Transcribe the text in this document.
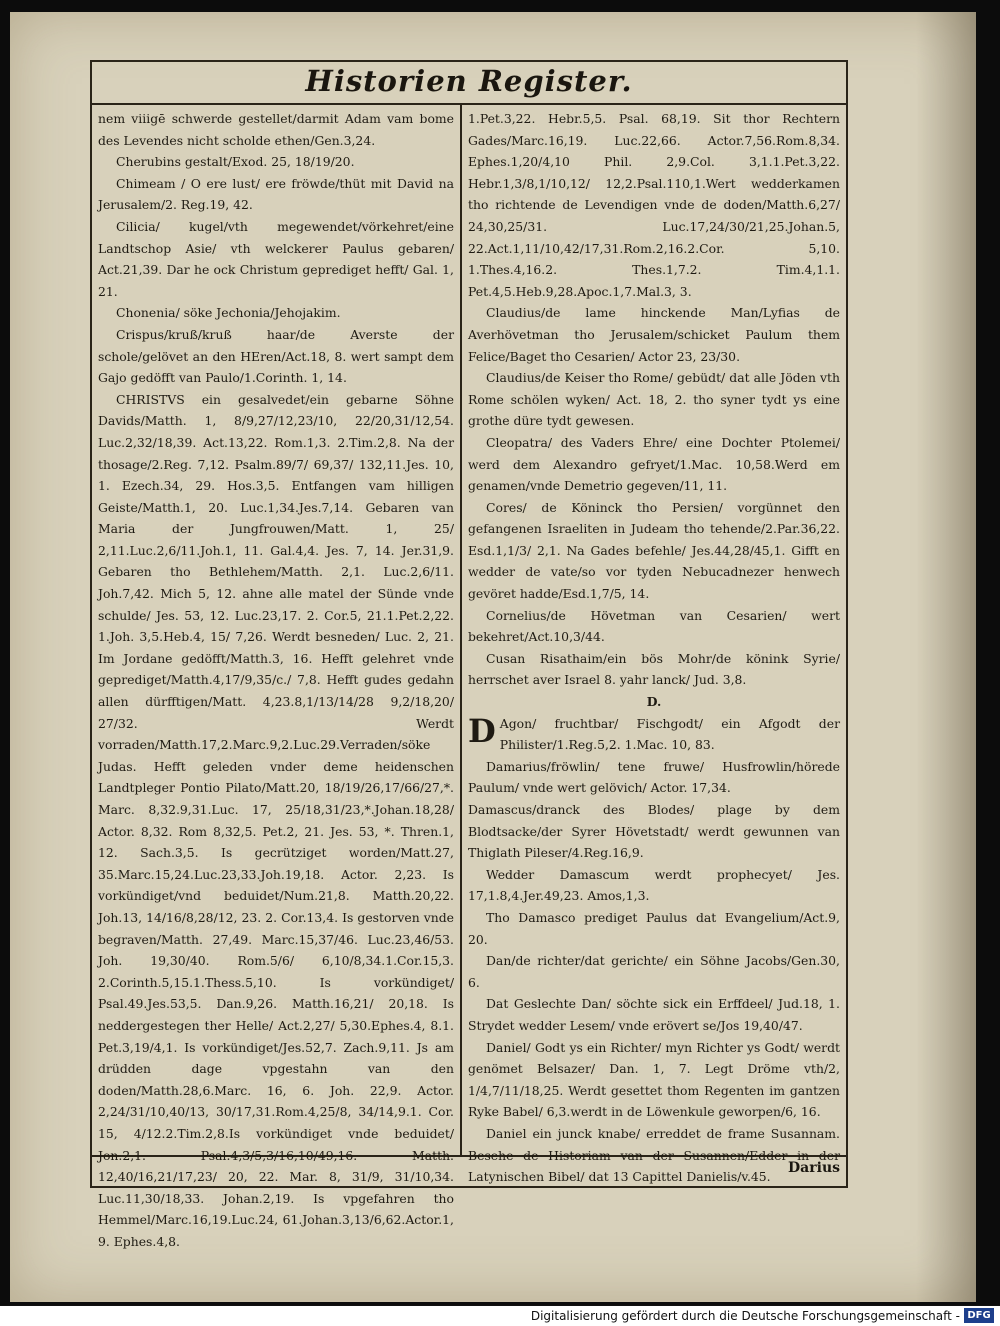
Historien Register.

nem viiigē schwerde gestellet/darmit Adam vam bome des Levendes nicht scholde ethen/Gen.3,24.

Cherubins gestalt/Exod. 25, 18/19/20.

Chimeam / O ere lust/ ere fröwde/thüt mit David na Jerusalem/2. Reg.19, 42.

Cilicia/ kugel/vth megewendet/vörkehret/eine Landtschop Asie/ vth welckerer Paulus gebaren/ Act.21,39. Dar he ock Christum geprediget hefft/ Gal. 1, 21.

Chonenia/ söke Jechonia/Jehojakim.

Crispus/kruß/kruß haar/de Averste der schole/gelövet an den HEren/Act.18, 8. wert sampt dem Gajo gedöfft van Paulo/1.Corinth. 1, 14.

CHRISTVS ein gesalvedet/ein gebarne Söhne Davids/Matth. 1, 8/9,27/12,23/10, 22/20,31/12,54. Luc.2,32/18,39. Act.13,22. Rom.1,3. 2.Tim.2,8. Na der thosage/2.Reg. 7,12. Psalm.89/7/ 69,37/ 132,11.Jes. 10, 1. Ezech.34, 29. Hos.3,5. Entfangen vam hilligen Geiste/Matth.1, 20. Luc.1,34.Jes.7,14. Gebaren van Maria der Jungfrouwen/Matt. 1, 25/ 2,11.Luc.2,6/11.Joh.1, 11. Gal.4,4. Jes. 7, 14. Jer.31,9. Gebaren tho Bethlehem/Matth. 2,1. Luc.2,6/11. Joh.7,42. Mich 5, 12. ahne alle matel der Sünde vnde schulde/ Jes. 53, 12. Luc.23,17. 2. Cor.5, 21.1.Pet.2,22. 1.Joh. 3,5.Heb.4, 15/ 7,26. Werdt besneden/ Luc. 2, 21. Im Jordane gedöfft/Matth.3, 16. Hefft gelehret vnde geprediget/Matth.4,17/9,35/c./ 7,8. Hefft gudes gedahn allen dürfftigen/Matt. 4,23.8,1/13/14/28 9,2/18,20/ 27/32. Werdt vorraden/Matth.17,2.Marc.9,2.Luc.29.Verraden/söke Judas. Hefft geleden vnder deme heidenschen Landtpleger Pontio Pilato/Matt.20, 18/19/26,17/66/27,*. Marc. 8,32.9,31.Luc. 17, 25/18,31/23,*.Johan.18,28/ Actor. 8,32. Rom 8,32,5. Pet.2, 21. Jes. 53, *. Thren.1, 12. Sach.3,5. Is gecrütziget worden/Matt.27, 35.Marc.15,24.Luc.23,33.Joh.19,18. Actor. 2,23. Is vorkündiget/vnd beduidet/Num.21,8. Matth.20,22. Joh.13, 14/16/8,28/12, 23. 2. Cor.13,4. Is gestorven vnde begraven/Matth. 27,49. Marc.15,37/46. Luc.23,46/53. Joh. 19,30/40. Rom.5/6/ 6,10/8,34.1.Cor.15,3. 2.Corinth.5,15.1.Thess.5,10. Is vorkündiget/ Psal.49.Jes.53,5. Dan.9,26. Matth.16,21/ 20,18. Is neddergestegen ther Helle/ Act.2,27/ 5,30.Ephes.4, 8.1. Pet.3,19/4,1. Is vorkündiget/Jes.52,7. Zach.9,11. Js am drüdden dage vpgestahn van den doden/Matth.28,6.Marc. 16, 6. Joh. 22,9. Actor. 2,24/31/10,40/13, 30/17,31.Rom.4,25/8, 34/14,9.1. Cor. 15, 4/12.2.Tim.2,8.Is vorkündiget vnde beduidet/ Jon.2,1. Psal.4,3/5,3/16,10/49,16. Matth. 12,40/16,21/17,23/ 20, 22. Mar. 8, 31/9, 31/10,34. Luc.11,30/18,33. Johan.2,19. Is vpgefahren tho Hemmel/Marc.16,19.Luc.24, 61.Johan.3,13/6,62.Actor.1, 9. Ephes.4,8.

1.Pet.3,22. Hebr.5,5. Psal. 68,19. Sit thor Rechtern Gades/Marc.16,19. Luc.22,66. Actor.7,56.Rom.8,34. Ephes.1,20/4,10 Phil. 2,9.Col. 3,1.1.Pet.3,22. Hebr.1,3/8,1/10,12/ 12,2.Psal.110,1.Wert wedderkamen tho richtende de Levendigen vnde de doden/Matth.6,27/ 24,30,25/31. Luc.17,24/30/21,25.Johan.5, 22.Act.1,11/10,42/17,31.Rom.2,16.2.Cor. 5,10. 1.Thes.4,16.2. Thes.1,7.2. Tim.4,1.1. Pet.4,5.Heb.9,28.Apoc.1,7.Mal.3, 3.

Claudius/de lame hinckende Man/Lyfias de Averhövetman tho Jerusalem/schicket Paulum them Felice/Baget tho Cesarien/ Actor 23, 23/30.

Claudius/de Keiser tho Rome/ gebüdt/ dat alle Jöden vth Rome schölen wyken/ Act. 18, 2. tho syner tydt ys eine grothe düre tydt gewesen.

Cleopatra/ des Vaders Ehre/ eine Dochter Ptolemei/ werd dem Alexandro gefryet/1.Mac. 10,58.Werd em genamen/vnde Demetrio gegeven/11, 11.

Cores/ de Köninck tho Persien/ vorgünnet den gefangenen Israeliten in Judeam tho tehende/2.Par.36,22. Esd.1,1/3/ 2,1. Na Gades befehle/ Jes.44,28/45,1. Gifft en wedder de vate/so vor tyden Nebucadnezer henwech gevöret hadde/Esd.1,7/5, 14.

Cornelius/de Hövetman van Cesarien/ wert bekehret/Act.10,3/44.

Cusan Risathaim/ein bös Mohr/de könink Syrie/ herrschet aver Israel 8. yahr lanck/ Jud. 3,8.

D.

D Agon/ fruchtbar/ Fischgodt/ ein Afgodt der Philister/1.Reg.5,2. 1.Mac. 10, 83.

Damarius/fröwlin/ tene fruwe/ Husfrowlin/hörede Paulum/ vnde wert gelövich/ Actor. 17,34.

Damascus/dranck des Blodes/ plage by dem Blodtsacke/der Syrer Hövetstadt/ werdt gewunnen van Thiglath Pileser/4.Reg.16,9.

Wedder Damascum werdt prophecyet/ Jes. 17,1.8,4.Jer.49,23. Amos,1,3.

Tho Damasco prediget Paulus dat Evangelium/Act.9, 20.

Dan/de richter/dat gerichte/ ein Söhne Jacobs/Gen.30, 6.

Dat Geslechte Dan/ söchte sick ein Erffdeel/ Jud.18, 1. Strydet wedder Lesem/ vnde erövert se/Jos 19,40/47.

Daniel/ Godt ys ein Richter/ myn Richter ys Godt/ werdt genömet Belsazer/ Dan. 1, 7. Legt Dröme vth/2, 1/4,7/11/18,25. Werdt gesettet thom Regenten im gantzen Ryke Babel/ 6,3.werdt in de Löwenkule geworpen/6, 16.

Daniel ein junck knabe/ erreddet de frame Susannam. Besehe de Historiam van der Susannen/Edder in der Latynischen Bibel/ dat 13 Capittel Danielis/v.45.

Darius
Digitalisierung gefördert durch die Deutsche Forschungsgemeinschaft - DFG
